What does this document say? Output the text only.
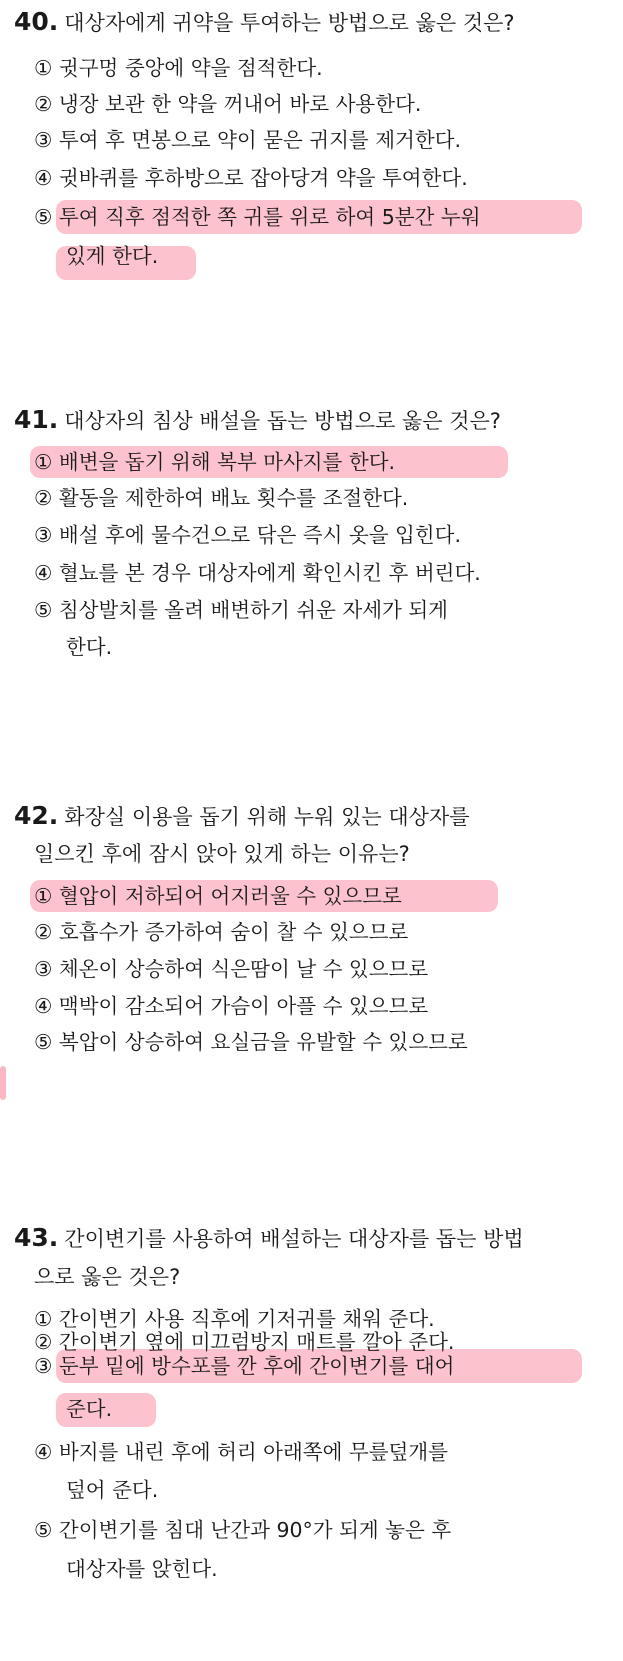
40. 대상자에게 귀약을 투여하는 방법으로 옳은 것은?
① 귓구멍 중앙에 약을 점적한다.
② 냉장 보관 한 약을 꺼내어 바로 사용한다.
③ 투여 후 면봉으로 약이 묻은 귀지를 제거한다.
④ 귓바퀴를 후하방으로 잡아당겨 약을 투여한다.
⑤ 투여 직후 점적한 쪽 귀를 위로 하여 5분간 누워
있게 한다.
41. 대상자의 침상 배설을 돕는 방법으로 옳은 것은?
① 배변을 돕기 위해 복부 마사지를 한다.
② 활동을 제한하여 배뇨 횟수를 조절한다.
③ 배설 후에 물수건으로 닦은 즉시 옷을 입힌다.
④ 혈뇨를 본 경우 대상자에게 확인시킨 후 버린다.
⑤ 침상발치를 올려 배변하기 쉬운 자세가 되게
한다.
42. 화장실 이용을 돕기 위해 누워 있는 대상자를
일으킨 후에 잠시 앉아 있게 하는 이유는?
① 혈압이 저하되어 어지러울 수 있으므로
② 호흡수가 증가하여 숨이 찰 수 있으므로
③ 체온이 상승하여 식은땀이 날 수 있으므로
④ 맥박이 감소되어 가슴이 아플 수 있으므로
⑤ 복압이 상승하여 요실금을 유발할 수 있으므로
43. 간이변기를 사용하여 배설하는 대상자를 돕는 방법
으로 옳은 것은?
① 간이변기 사용 직후에 기저귀를 채워 준다.
② 간이변기 옆에 미끄럼방지 매트를 깔아 준다.
③ 둔부 밑에 방수포를 깐 후에 간이변기를 대어
준다.
④ 바지를 내린 후에 허리 아래쪽에 무릎덮개를
덮어 준다.
⑤ 간이변기를 침대 난간과 90°가 되게 놓은 후
대상자를 앉힌다.
